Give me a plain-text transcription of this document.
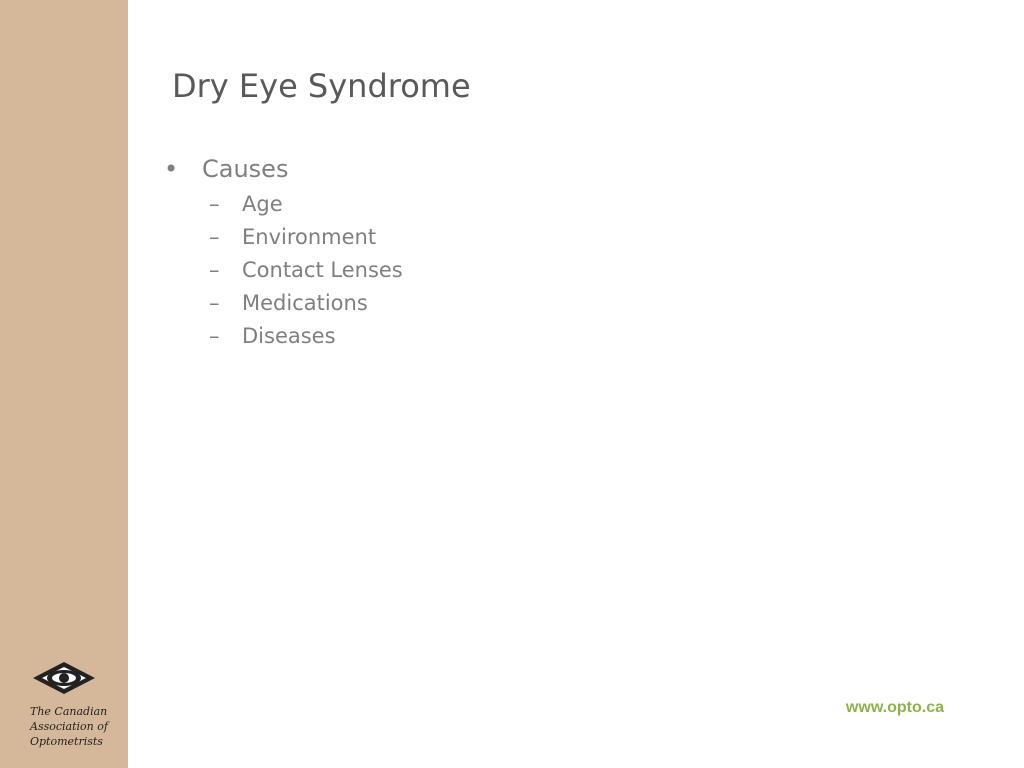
Dry Eye Syndrome
• Causes
– Age
– Environment
– Contact Lenses
– Medications
– Diseases
The Canadian
Association of
Optometrists
www.opto.ca
